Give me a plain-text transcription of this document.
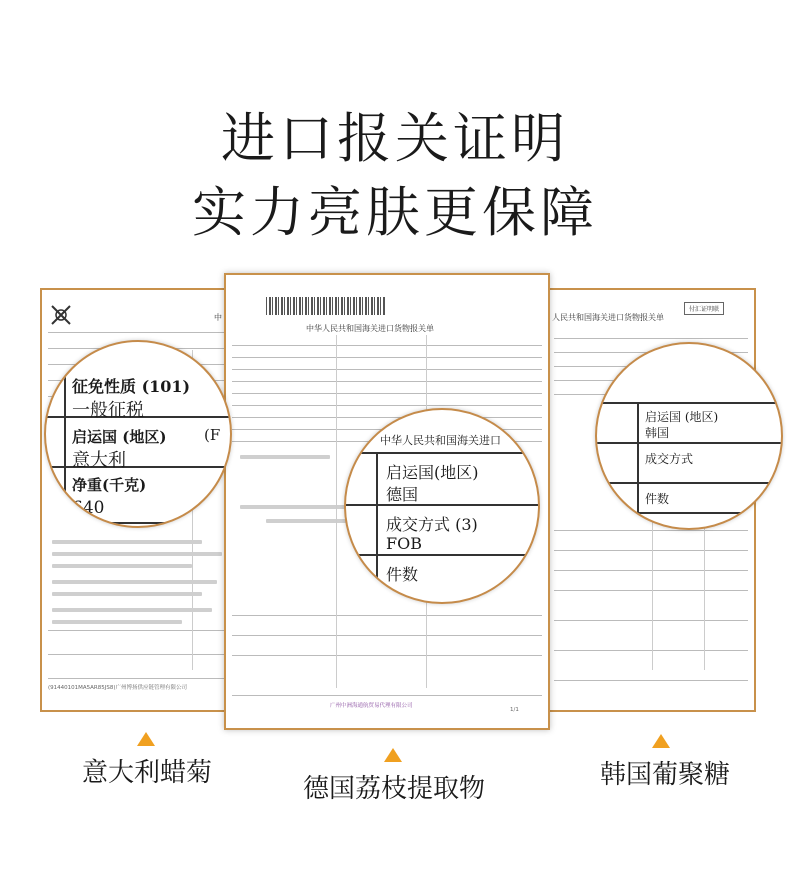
进口报关证明
实力亮肤更保障
中
(91440101MA5AR85JS8)广州博扬供应链管理有限公司
人民共和国海关进口货物报关单
付汇证明联
中华人民共和国海关进口货物报关单
广州中洲海通航贸易代理有限公司
1/1
征免性质 (101)
一般征税
启运国 (地区)	(F
意大利
净重(千克)
640
中华人民共和国海关进口
启运国(地区)
德国
成交方式 (3)
FOB
件数
启运国 (地区)
韩国
成交方式
件数
意大利蜡菊
德国荔枝提取物	韩国葡聚糖
